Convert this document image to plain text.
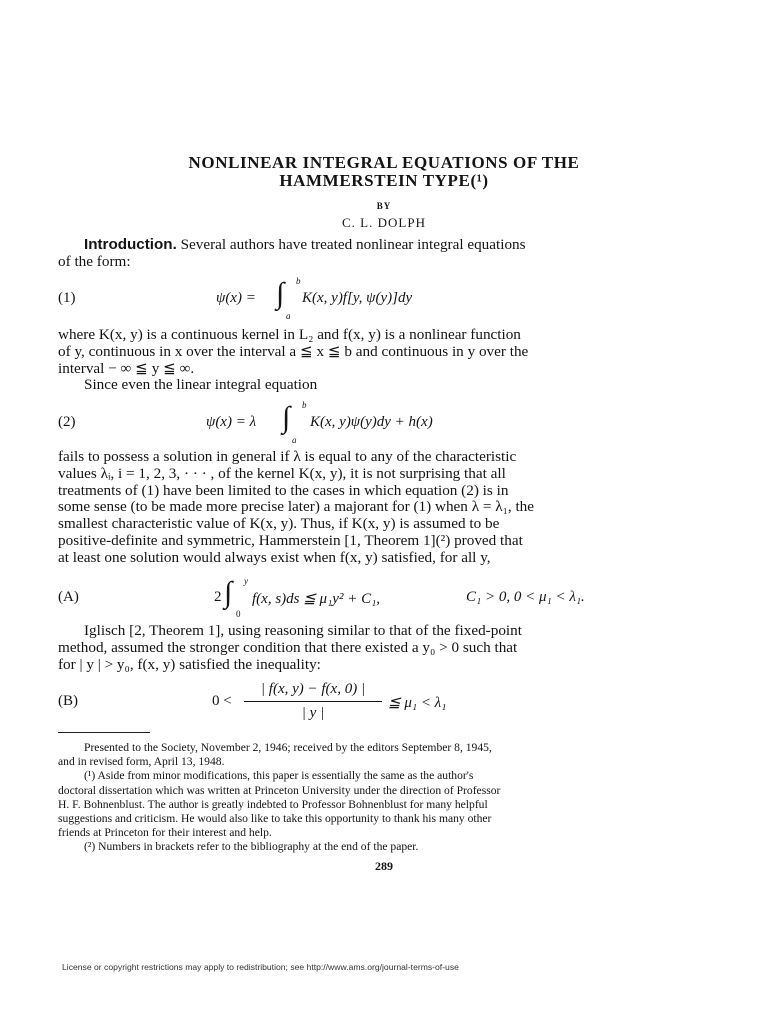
NONLINEAR INTEGRAL EQUATIONS OF THE
HAMMERSTEIN TYPE(¹)
BY
C. L. DOLPH
Introduction. Several authors have treated nonlinear integral equations
of the form:
(1)	ψ(x) = ∫ b
a
K(x, y)f[y, ψ(y)]dy
where K(x, y) is a continuous kernel in L₂ and f(x, y) is a nonlinear function
of y, continuous in x over the interval a ≦ x ≦ b and continuous in y over the
interval − ∞ ≦ y ≦ ∞.
Since even the linear integral equation
(2)	ψ(x) = λ ∫ b
a
K(x, y)ψ(y)dy + h(x)
fails to possess a solution in general if λ is equal to any of the characteristic
values λᵢ, i = 1, 2, 3, · · · , of the kernel K(x, y), it is not surprising that all
treatments of (1) have been limited to the cases in which equation (2) is in
some sense (to be made more precise later) a majorant for (1) when λ = λ₁, the
smallest characteristic value of K(x, y). Thus, if K(x, y) is assumed to be
positive-definite and symmetric, Hammerstein [1, Theorem 1](²) proved that
at least one solution would always exist when f(x, y) satisfied, for all y,
(A)	2 ∫ y
0
f(x, s)ds ≦ μ₁y² + C₁,	C₁ > 0, 0 < μ₁ < λ₁.
Iglisch [2, Theorem 1], using reasoning similar to that of the fixed-point
method, assumed the stronger condition that there existed a y₀ > 0 such that
for | y | > y₀, f(x, y) satisfied the inequality:
(B)	0 <
| f(x, y) − f(x, 0) |
| y |
≦ μ₁ < λ₁
Presented to the Society, November 2, 1946; received by the editors September 8, 1945,
and in revised form, April 13, 1948.
(¹) Aside from minor modifications, this paper is essentially the same as the author's
doctoral dissertation which was written at Princeton University under the direction of Professor
H. F. Bohnenblust. The author is greatly indebted to Professor Bohnenblust for many helpful
suggestions and criticism. He would also like to take this opportunity to thank his many other
friends at Princeton for their interest and help.
(²) Numbers in brackets refer to the bibliography at the end of the paper.
289
License or copyright restrictions may apply to redistribution; see http://www.ams.org/journal-terms-of-use
